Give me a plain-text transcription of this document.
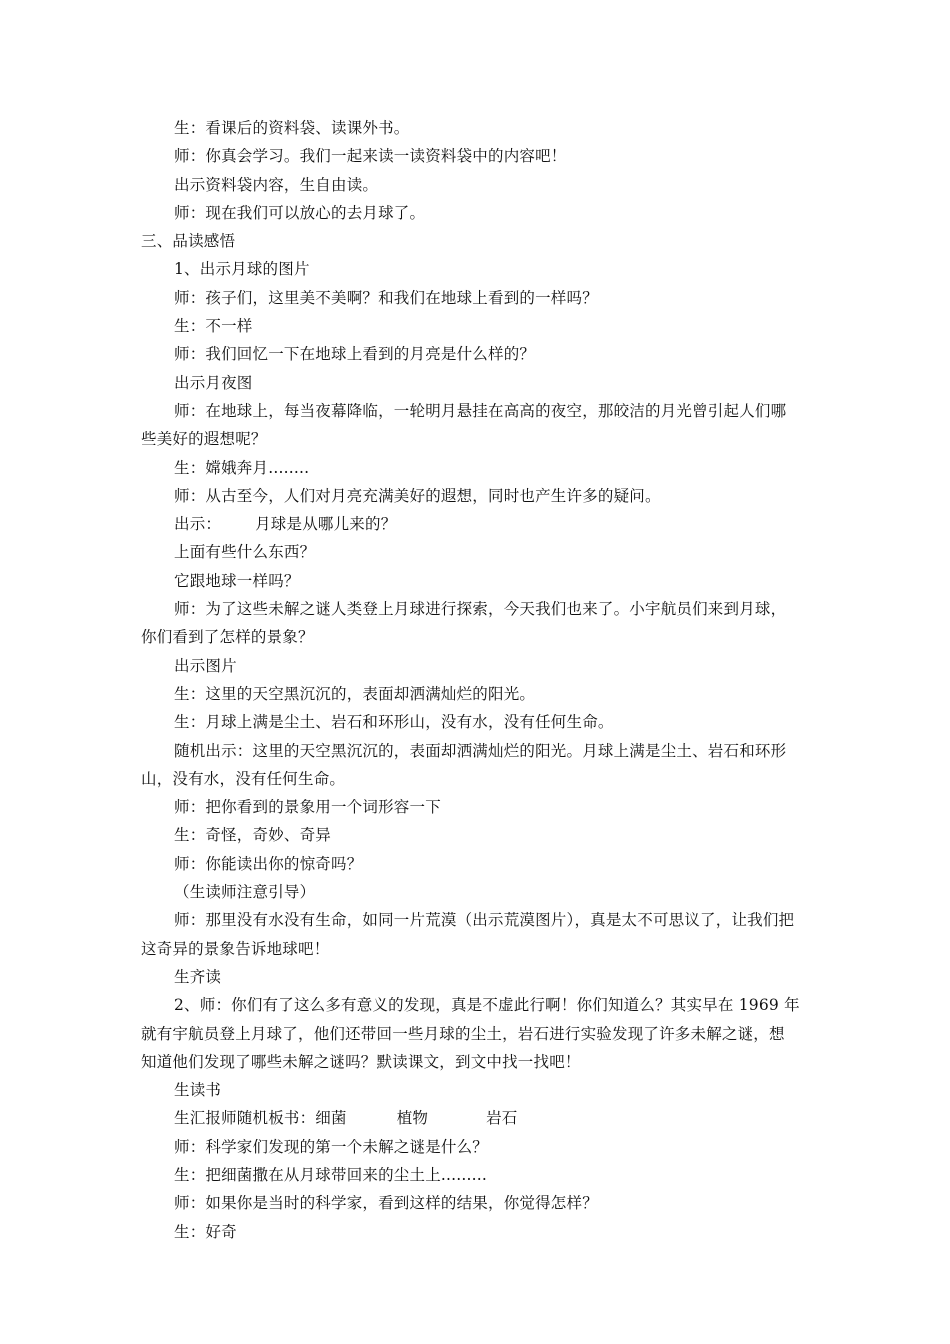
生：看课后的资料袋、读课外书。
师：你真会学习。我们一起来读一读资料袋中的内容吧！
出示资料袋内容，生自由读。
师：现在我们可以放心的去月球了。
三、品读感悟
1、出示月球的图片
师：孩子们，这里美不美啊？和我们在地球上看到的一样吗？
生：不一样
师：我们回忆一下在地球上看到的月亮是什么样的？
出示月夜图
师：在地球上，每当夜幕降临，一轮明月悬挂在高高的夜空，那皎洁的月光曾引起人们哪
些美好的遐想呢？
生：嫦娥奔月........
师：从古至今，人们对月亮充满美好的遐想，同时也产生许多的疑问。
出示： 月球是从哪儿来的？
上面有些什么东西？
它跟地球一样吗？
师：为了这些未解之谜人类登上月球进行探索，今天我们也来了。小宇航员们来到月球，
你们看到了怎样的景象？
出示图片
生：这里的天空黑沉沉的，表面却洒满灿烂的阳光。
生：月球上满是尘土、岩石和环形山，没有水，没有任何生命。
随机出示：这里的天空黑沉沉的，表面却洒满灿烂的阳光。月球上满是尘土、岩石和环形
山，没有水，没有任何生命。
师：把你看到的景象用一个词形容一下
生：奇怪，奇妙、奇异
师：你能读出你的惊奇吗？
（生读师注意引导）
师：那里没有水没有生命，如同一片荒漠（出示荒漠图片），真是太不可思议了，让我们把
这奇异的景象告诉地球吧！
生齐读
2、师：你们有了这么多有意义的发现，真是不虚此行啊！你们知道么？其实早在 1969 年
就有宇航员登上月球了，他们还带回一些月球的尘土，岩石进行实验发现了许多未解之谜，想
知道他们发现了哪些未解之谜吗？默读课文，到文中找一找吧！
生读书
生汇报师随机板书：细菌	植物	岩石
师：科学家们发现的第一个未解之谜是什么？
生：把细菌撒在从月球带回来的尘土上.........
师：如果你是当时的科学家，看到这样的结果，你觉得怎样？
生：好奇
